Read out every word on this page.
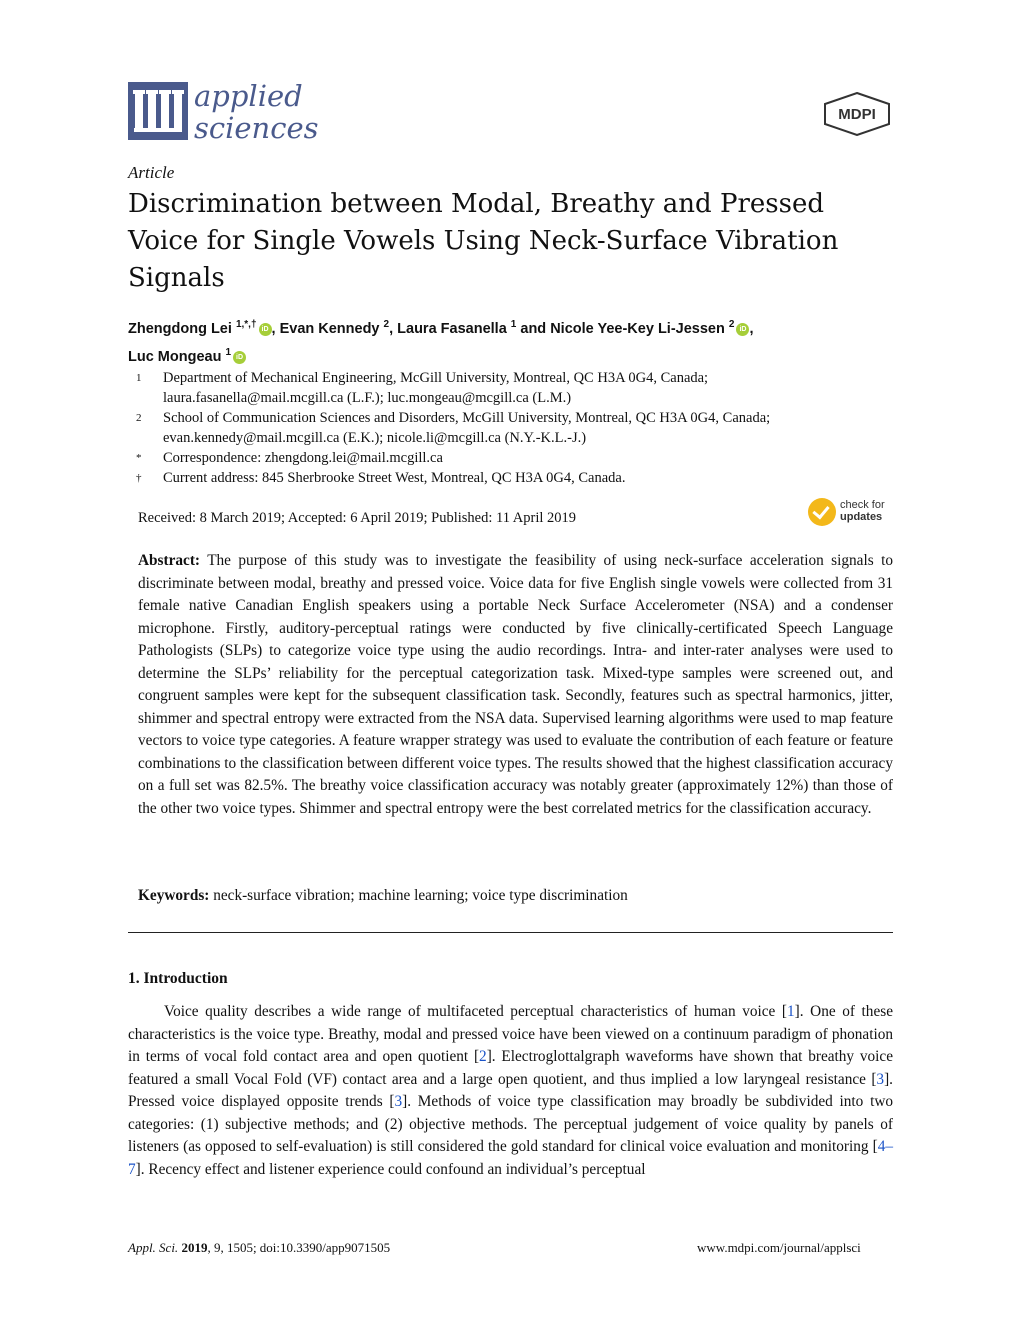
applied
sciences	MDPI
Article
Discrimination between Modal, Breathy and Pressed Voice for Single Vowels Using Neck-Surface Vibration Signals
Zhengdong Lei $^{1,*,\dagger}$ iD , Evan Kennedy $^2$, Laura Fasanella $^1$ and Nicole Yee-Key Li-Jessen $^2$ iD ,
Luc Mongeau $^1$ iD
1 Department of Mechanical Engineering, McGill University, Montreal, QC H3A 0G4, Canada;
laura.fasanella@mail.mcgill.ca (L.F.); luc.mongeau@mcgill.ca (L.M.)
2 School of Communication Sciences and Disorders, McGill University, Montreal, QC H3A 0G4, Canada;
evan.kennedy@mail.mcgill.ca (E.K.); nicole.li@mcgill.ca (N.Y.-K.L.-J.)
* Correspondence: zhengdong.lei@mail.mcgill.ca
† Current address: 845 Sherbrooke Street West, Montreal, QC H3A 0G4, Canada.
Received: 8 March 2019; Accepted: 6 April 2019; Published: 11 April 2019
check for
updates
Abstract: The purpose of this study was to investigate the feasibility of using neck-surface acceleration signals to discriminate between modal, breathy and pressed voice. Voice data for five English single vowels were collected from 31 female native Canadian English speakers using a portable Neck Surface Accelerometer (NSA) and a condenser microphone. Firstly, auditory-perceptual ratings were conducted by five clinically-certificated Speech Language Pathologists (SLPs) to categorize voice type using the audio recordings. Intra- and inter-rater analyses were used to determine the SLPs’ reliability for the perceptual categorization task. Mixed-type samples were screened out, and congruent samples were kept for the subsequent classification task. Secondly, features such as spectral harmonics, jitter, shimmer and spectral entropy were extracted from the NSA data. Supervised learning algorithms were used to map feature vectors to voice type categories. A feature wrapper strategy was used to evaluate the contribution of each feature or feature combinations to the classification between different voice types. The results showed that the highest classification accuracy on a full set was 82.5%. The breathy voice classification accuracy was notably greater (approximately 12%) than those of the other two voice types. Shimmer and spectral entropy were the best correlated metrics for the classification accuracy.
Keywords: neck-surface vibration; machine learning; voice type discrimination
1. Introduction
Voice quality describes a wide range of multifaceted perceptual characteristics of human voice [1]. One of these characteristics is the voice type. Breathy, modal and pressed voice have been viewed on a continuum paradigm of phonation in terms of vocal fold contact area and open quotient [2]. Electroglottalgraph waveforms have shown that breathy voice featured a small Vocal Fold (VF) contact area and a large open quotient, and thus implied a low laryngeal resistance [3]. Pressed voice displayed opposite trends [3]. Methods of voice type classification may broadly be subdivided into two categories: (1) subjective methods; and (2) objective methods. The perceptual judgement of voice quality by panels of listeners (as opposed to self-evaluation) is still considered the gold standard for clinical voice evaluation and monitoring [4–7]. Recency effect and listener experience could confound an individual’s perceptual
Appl. Sci. 2019, 9, 1505; doi:10.3390/app9071505	www.mdpi.com/journal/applsci
